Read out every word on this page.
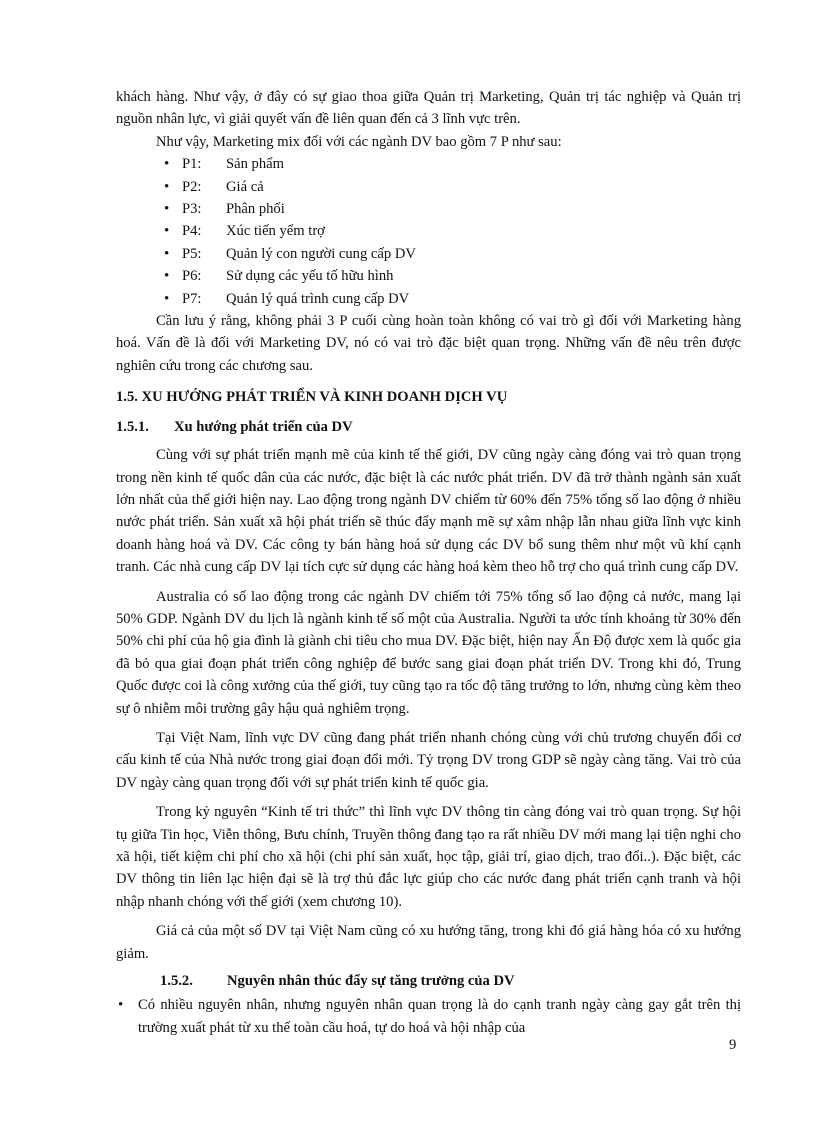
khách hàng. Như vậy, ở đây có sự giao thoa giữa Quản trị Marketing, Quản trị tác nghiệp và Quản trị nguồn nhân lực, vì giải quyết vấn đề liên quan đến cả 3 lĩnh vực trên.

Như vậy, Marketing mix đối với các ngành DV bao gồm 7 P như sau:

• P1:	Sản phẩm
• P2:	Giá cả
• P3:	Phân phối
• P4:	Xúc tiến yểm trợ
• P5:	Quản lý con người cung cấp DV
• P6:	Sử dụng các yếu tố hữu hình
• P7:	Quản lý quá trình cung cấp DV

Cần lưu ý rằng, không phải 3 P cuối cùng hoàn toàn không có vai trò gì đối với Marketing hàng hoá. Vấn đề là đối với Marketing DV, nó có vai trò đặc biệt quan trọng. Những vấn đề nêu trên được nghiên cứu trong các chương sau.

1.5. XU HƯỚNG PHÁT TRIỂN VÀ KINH DOANH DỊCH VỤ
1.5.1. Xu hướng phát triển của DV

Cùng với sự phát triển mạnh mẽ của kinh tế thế giới, DV cũng ngày càng đóng vai trò quan trọng trong nền kinh tế quốc dân của các nước, đặc biệt là các nước phát triển. DV đã trở thành ngành sản xuất lớn nhất của thế giới hiện nay. Lao động trong ngành DV chiếm từ 60% đến 75% tổng số lao động ở nhiều nước phát triển. Sản xuất xã hội phát triển sẽ thúc đẩy mạnh mẽ sự xâm nhập lẫn nhau giữa lĩnh vực kinh doanh hàng hoá và DV. Các công ty bán hàng hoá sử dụng các DV bổ sung thêm như một vũ khí cạnh tranh. Các nhà cung cấp DV lại tích cực sử dụng các hàng hoá kèm theo hỗ trợ cho quá trình cung cấp DV.

Australia có số lao động trong các ngành DV chiếm tới 75% tổng số lao động cả nước, mang lại 50% GDP. Ngành DV du lịch là ngành kinh tế số một của Australia. Người ta ước tính khoảng từ 30% đến 50% chi phí của hộ gia đình là giành chi tiêu cho mua DV. Đặc biệt, hiện nay Ấn Độ được xem là quốc gia đã bỏ qua giai đoạn phát triển công nghiệp để bước sang giai đoạn phát triển DV. Trong khi đó, Trung Quốc được coi là công xưởng của thế giới, tuy cũng tạo ra tốc độ tăng trưởng to lớn, nhưng cùng kèm theo sự ô nhiễm môi trường gây hậu quả nghiêm trọng.

Tại Việt Nam, lĩnh vực DV cũng đang phát triển nhanh chóng cùng với chủ trương chuyển đổi cơ cấu kinh tế của Nhà nước trong giai đoạn đổi mới. Tỷ trọng DV trong GDP sẽ ngày càng tăng. Vai trò của DV ngày càng quan trọng đối với sự phát triển kinh tế quốc gia.

Trong kỷ nguyên “Kinh tế tri thức” thì lĩnh vực DV thông tin càng đóng vai trò quan trọng. Sự hội tụ giữa Tin học, Viễn thông, Bưu chính, Truyền thông đang tạo ra rất nhiều DV mới mang lại tiện nghi cho xã hội, tiết kiệm chi phí cho xã hội (chi phí sản xuất, học tập, giải trí, giao dịch, trao đổi..). Đặc biệt, các DV thông tin liên lạc hiện đại sẽ là trợ thủ đắc lực giúp cho các nước đang phát triển cạnh tranh và hội nhập nhanh chóng với thế giới (xem chương 10).

Giá cả của một số DV tại Việt Nam cũng có xu hướng tăng, trong khi đó giá hàng hóa có xu hướng giảm.

1.5.2. Nguyên nhân thúc đẩy sự tăng trưởng của DV
•	Có nhiều nguyên nhân, nhưng nguyên nhân quan trọng là do cạnh tranh ngày càng gay gắt trên thị trường xuất phát từ xu thế toàn cầu hoá, tự do hoá và hội nhập của

9
